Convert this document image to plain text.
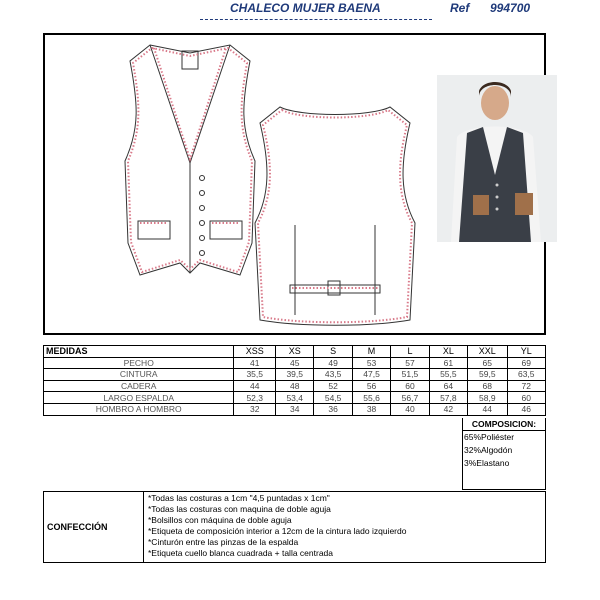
CHALECO MUJER BAENA	Ref 994700
MEDIDAS	XSS	XS	S	M	L	XL	XXL	YL
PECHO	41	45	49	53	57	61	65	69
CINTURA	35,5	39,5	43,5	47,5	51,5	55,5	59,5	63,5
CADERA	44	48	52	56	60	64	68	72
LARGO ESPALDA	52,3	53,4	54,5	55,6	56,7	57,8	58,9	60
HOMBRO A HOMBRO	32	34	36	38	40	42	44	46
COMPOSICION:
65%Poliéster
32%Algodón
3%Elastano
CONFECCIÓN
*Todas las costuras a 1cm "4,5 puntadas x 1cm"
*Todas las costuras con maquina de doble aguja
*Bolsillos con máquina de doble aguja
*Etiqueta de composición interior a 12cm de la cintura lado izquierdo
*Cinturón entre las pinzas de la espalda
*Etiqueta cuello blanca cuadrada + talla centrada
